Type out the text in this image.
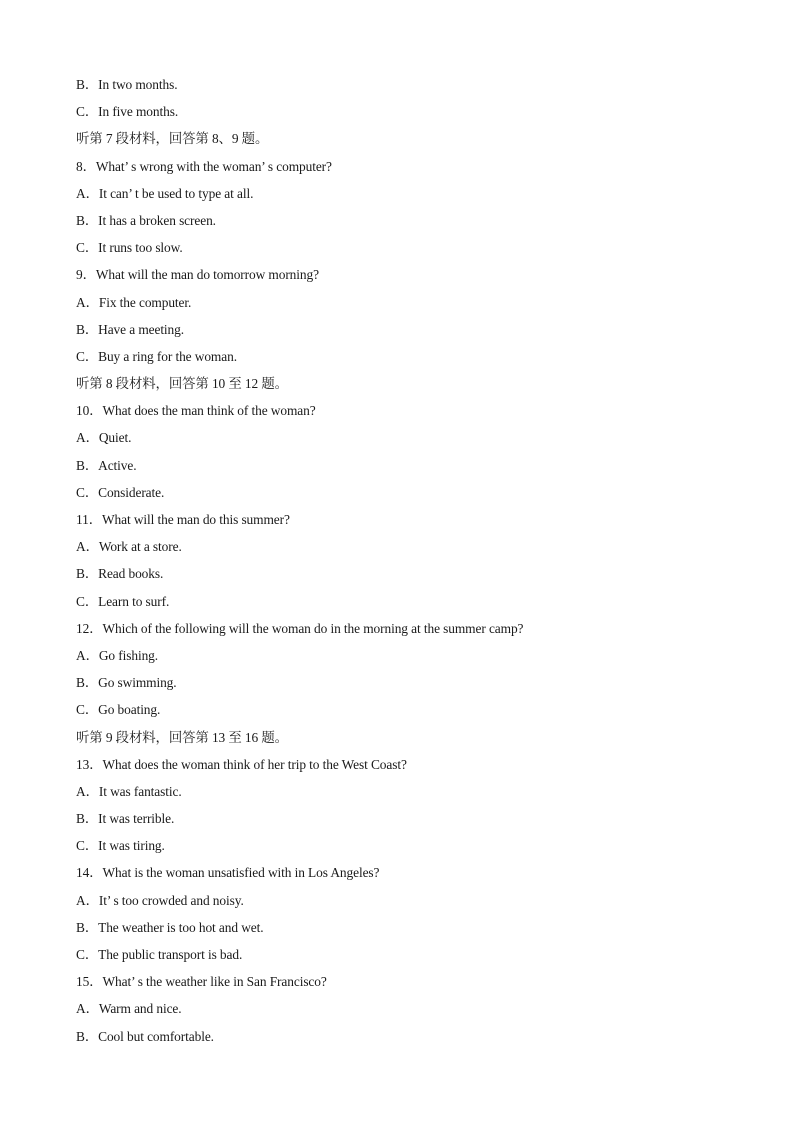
B．In two months.
C．In five months.
听第 7 段材料，回答第 8、9 题。
8．What’ s wrong with the woman’ s computer?
A．It can’ t be used to type at all.
B．It has a broken screen.
C．It runs too slow.
9．What will the man do tomorrow morning?
A．Fix the computer.
B．Have a meeting.
C．Buy a ring for the woman.
听第 8 段材料，回答第 10 至 12 题。
10．What does the man think of the woman?
A．Quiet.
B．Active.
C．Considerate.
11．What will the man do this summer?
A．Work at a store.
B．Read books.
C．Learn to surf.
12．Which of the following will the woman do in the morning at the summer camp?
A．Go fishing.
B．Go swimming.
C．Go boating.
听第 9 段材料，回答第 13 至 16 题。
13．What does the woman think of her trip to the West Coast?
A．It was fantastic.
B．It was terrible.
C．It was tiring.
14．What is the woman unsatisfied with in Los Angeles?
A．It’ s too crowded and noisy.
B．The weather is too hot and wet.
C．The public transport is bad.
15．What’ s the weather like in San Francisco?
A．Warm and nice.
B．Cool but comfortable.
